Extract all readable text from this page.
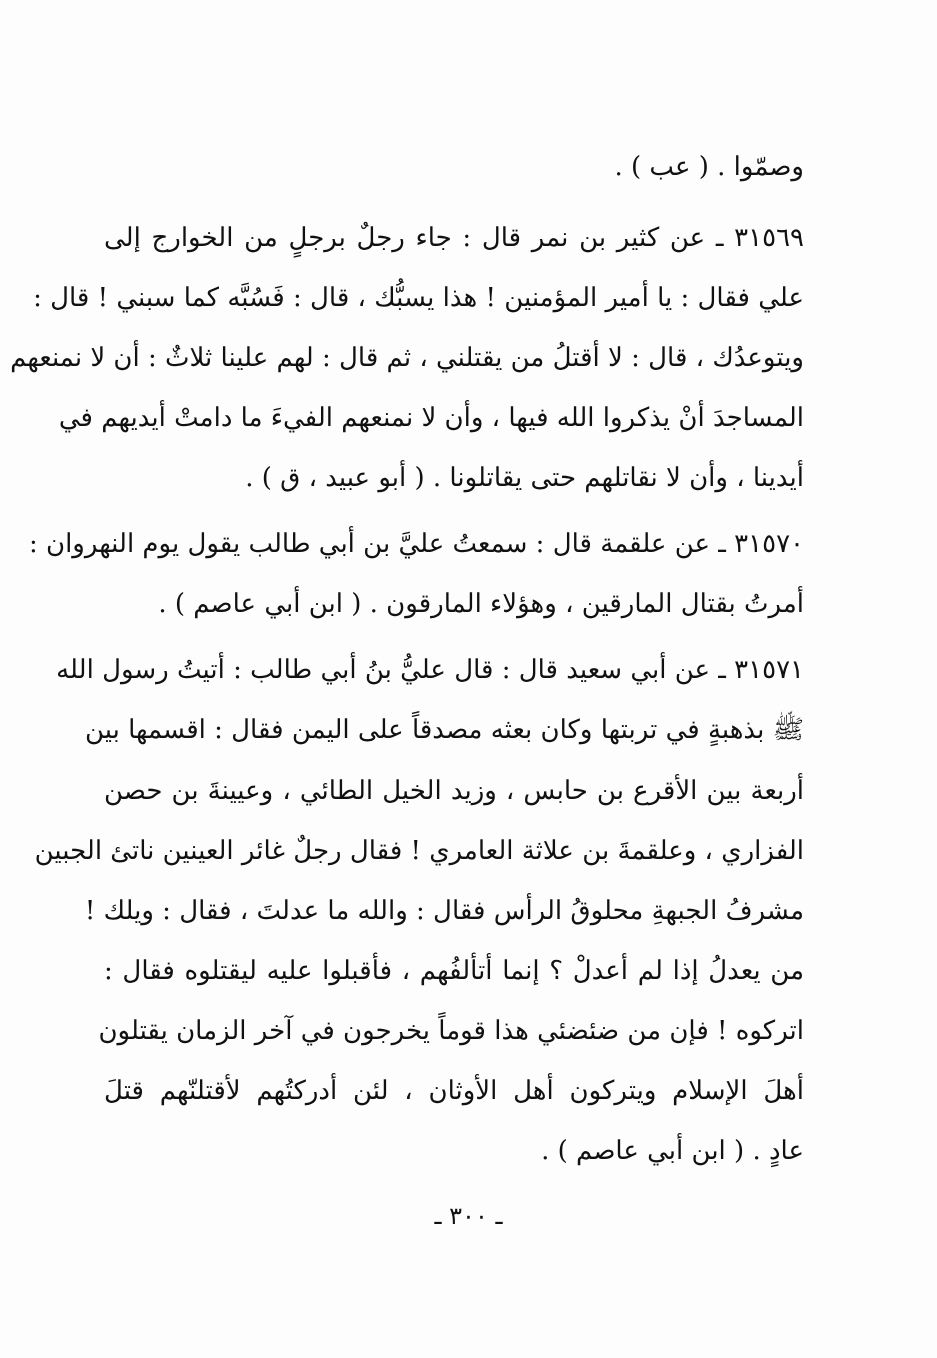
وصمّوا . ( عب ) .
٣١٥٦٩ ـ عن كثير بن نمر قال : جاء رجلٌ برجلٍ من الخوارج إلى
علي فقال : يا أمير المؤمنين ! هذا يسبُّك ، قال : فَسُبَّه كما سبني ! قال :
ويتوعدُك ، قال : لا أقتلُ من يقتلني ، ثم قال : لهم علينا ثلاثٌ : أن لا نمنعهم
المساجدَ أنْ يذكروا الله فيها ، وأن لا نمنعهم الفيءَ ما دامتْ أيديهم في
أيدينا ، وأن لا نقاتلهم حتى يقاتلونا . ( أبو عبيد ، ق ) .
٣١٥٧٠ ـ عن علقمة قال : سمعتُ عليَّ بن أبي طالب يقول يوم النهروان :
أمرتُ بقتال المارقين ، وهؤلاء المارقون . ( ابن أبي عاصم ) .
٣١٥٧١ ـ عن أبي سعيد قال : قال عليُّ بنُ أبي طالب : أتيتُ رسول الله
ﷺ بذهبةٍ في تربتها وكان بعثه مصدقاً على اليمن فقال : اقسمها بين
أربعة بين الأقرع بن حابس ، وزيد الخيل الطائي ، وعيينةَ بن حصن
الفزاري ، وعلقمةَ بن علاثة العامري ! فقال رجلٌ غائر العينين ناتئ الجبين
مشرفُ الجبهةِ محلوقُ الرأس فقال : والله ما عدلتَ ، فقال : ويلك !
من يعدلُ إذا لم أعدلْ ؟ إنما أتألفُهم ، فأقبلوا عليه ليقتلوه فقال :
اتركوه ! فإن من ضئضئي هذا قوماً يخرجون في آخر الزمان يقتلون
أهلَ الإسلام ويتركون أهل الأوثان ، لئن أدركتُهم لأقتلنّهم قتلَ
عادٍ . ( ابن أبي عاصم ) .
ـ ٣٠٠ ـ
